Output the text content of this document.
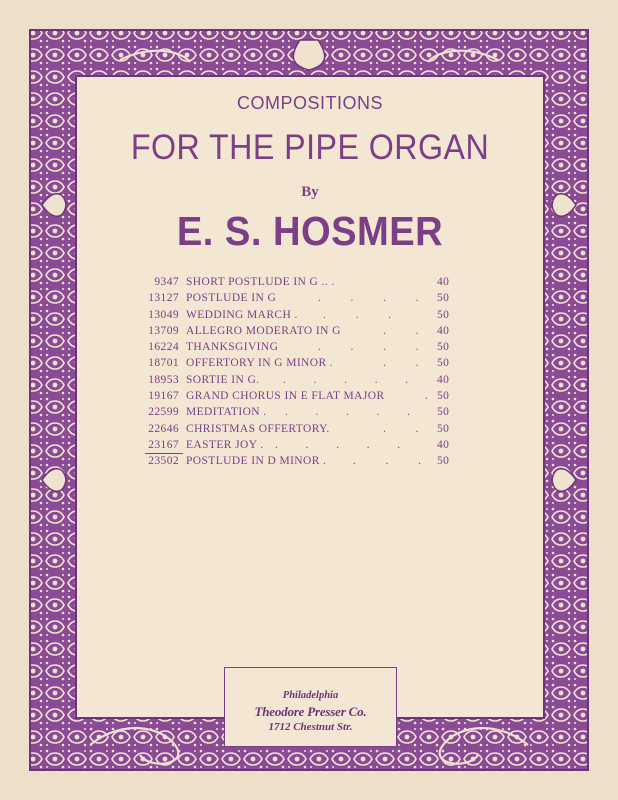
COMPOSITIONS
FOR THE PIPE ORGAN
By
E. S. HOSMER
9347 SHORT POSTLUDE IN G . . .	40
13127 POSTLUDE IN G	. . . .	50
13049 WEDDING MARCH . . . .	50
13709 ALLEGRO MODERATO IN G	. .	40
16224 THANKSGIVING	. . . .	50
18701 OFFERTORY IN G MINOR .	. .	50
18953 SORTIE IN G. . . . . .	40
19167 GRAND CHORUS IN E FLAT MAJOR	. 50
22599 MEDITATION . . . . . .	50
22646 CHRISTMAS OFFERTORY.	. .	50
23167 EASTER JOY . . . . . .	40
23502 POSTLUDE IN D MINOR . . . .	50
Philadelphia
Theodore Presser Co.
1712 Chestnut Str.
